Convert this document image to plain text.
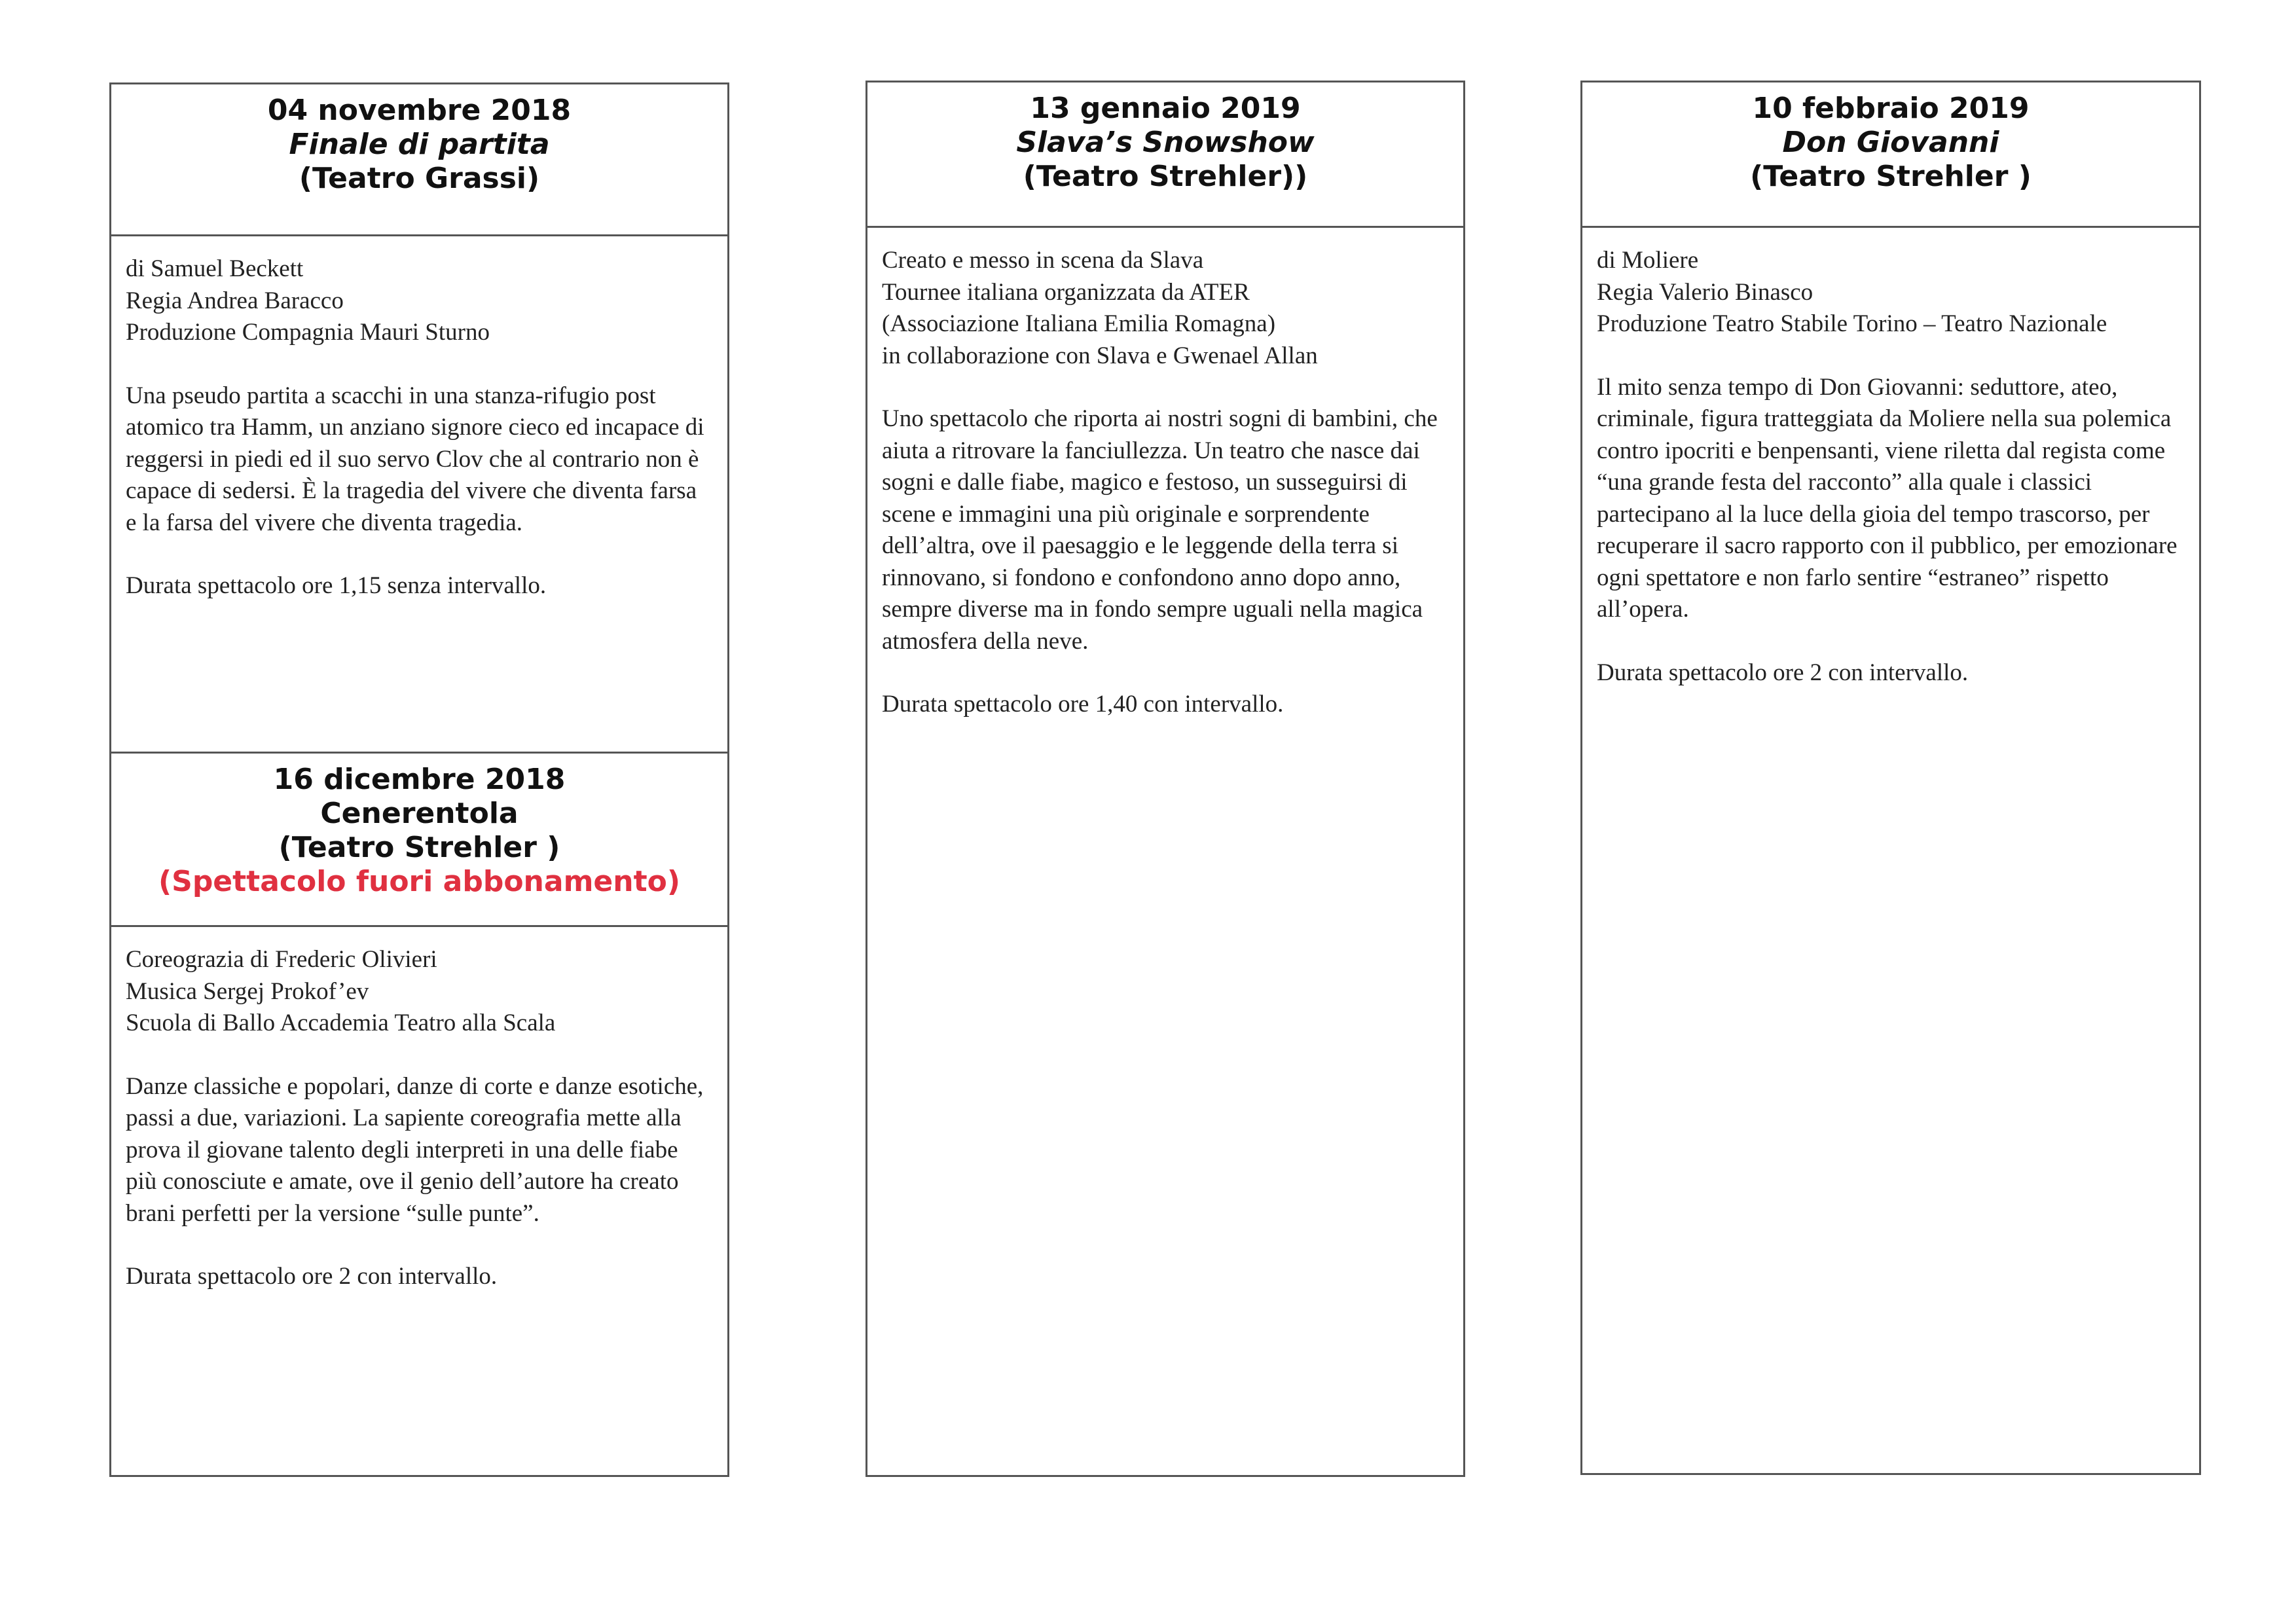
04 novembre 2018
Finale di partita
(Teatro Grassi)

di Samuel Beckett
Regia Andrea Baracco
Produzione Compagnia Mauri Sturno

Una pseudo partita a scacchi in una stanza-rifugio post atomico tra Hamm, un anziano signore cieco ed incapace di reggersi in piedi ed il suo servo Clov che al contrario non è capace di sedersi. È la tragedia del vivere che diventa farsa e la farsa del vivere che diventa tragedia.

Durata spettacolo ore 1,15 senza intervallo.

16 dicembre 2018
Cenerentola
(Teatro Strehler )
(Spettacolo fuori abbonamento)

Coreograzia di Frederic Olivieri
Musica Sergej Prokof’ev
Scuola di Ballo Accademia Teatro alla Scala

Danze classiche e popolari, danze di corte e danze esotiche, passi a due, variazioni. La sapiente coreografia mette alla prova il giovane talento degli interpreti in una delle fiabe più conosciute e amate, ove il genio dell’autore ha creato brani perfetti per la versione “sulle punte”.

Durata spettacolo ore 2 con intervallo.

13 gennaio 2019
Slava’s Snowshow
(Teatro Strehler))

Creato e messo in scena da Slava
Tournee italiana organizzata da ATER
(Associazione Italiana Emilia Romagna)
in collaborazione con Slava e Gwenael Allan

Uno spettacolo che riporta ai nostri sogni di bambini, che aiuta a ritrovare la fanciullezza. Un teatro che nasce dai sogni e dalle fiabe, magico e festoso, un susseguirsi di scene e immagini una più originale e sorprendente dell’altra, ove il paesaggio e le leggende della terra si rinnovano, si fondono e confondono anno dopo anno, sempre diverse ma in fondo sempre uguali nella magica atmosfera della neve.

Durata spettacolo ore 1,40 con intervallo.

10 febbraio 2019
Don Giovanni
(Teatro Strehler )

di Moliere
Regia Valerio Binasco
Produzione Teatro Stabile Torino – Teatro Nazionale

Il mito senza tempo di Don Giovanni: seduttore, ateo, criminale, figura tratteggiata da Moliere nella sua polemica contro ipocriti e benpensanti, viene riletta dal regista come “una grande festa del racconto” alla quale i classici partecipano al la luce della gioia del tempo trascorso, per recuperare il sacro rapporto con il pubblico, per emozionare ogni spettatore e non farlo sentire “estraneo” rispetto all’opera.

Durata spettacolo ore 2 con intervallo.
